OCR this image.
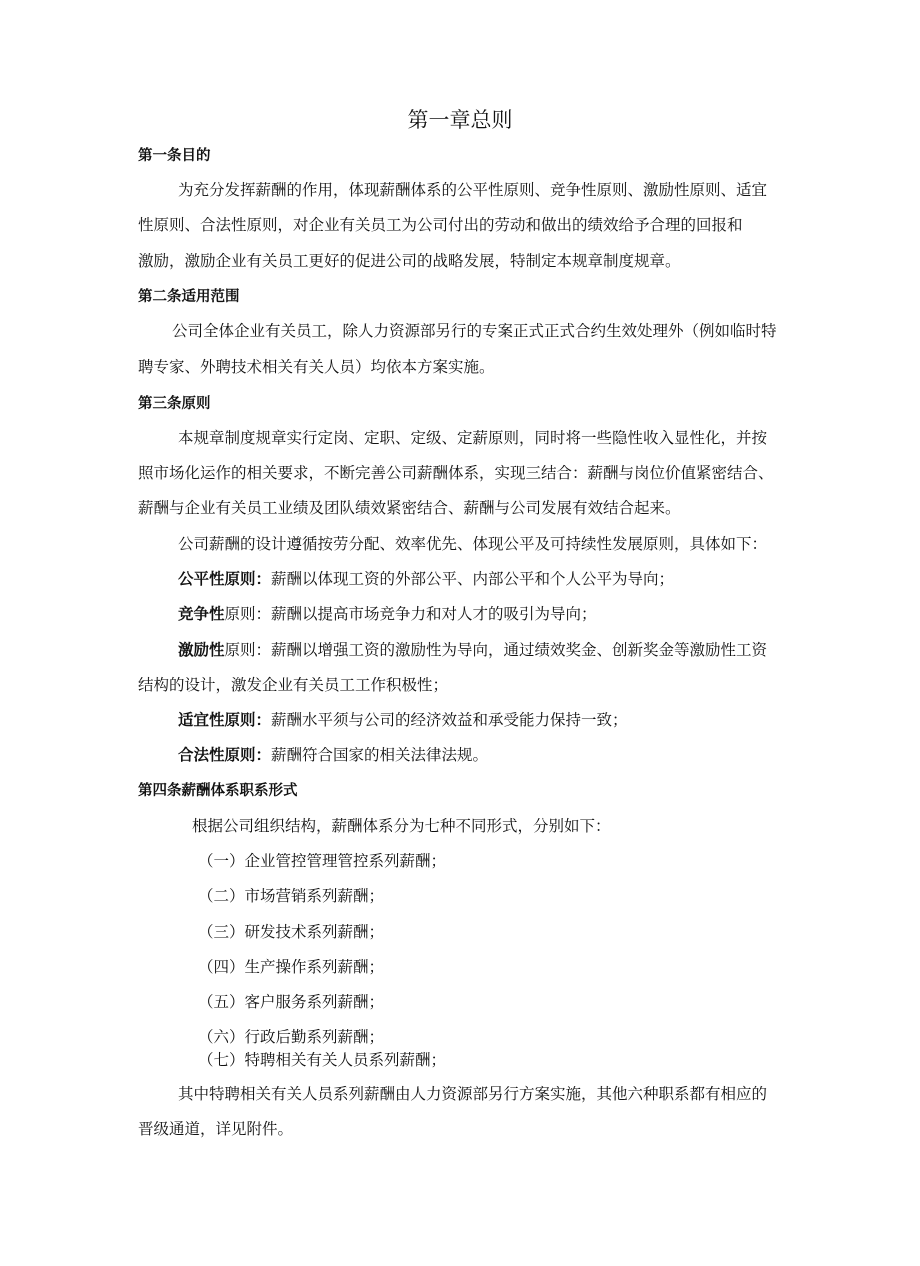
第一章总则
第一条目的
为充分发挥薪酬的作用，体现薪酬体系的公平性原则、竞争性原则、激励性原则、适宜
性原则、合法性原则，对企业有关员工为公司付出的劳动和做出的绩效给予合理的回报和
激励，激励企业有关员工更好的促进公司的战略发展，特制定本规章制度规章。
第二条适用范围
公司全体企业有关员工，除人力资源部另行的专案正式正式合约生效处理外（例如临时特
聘专家、外聘技术相关有关人员）均依本方案实施。
第三条原则
本规章制度规章实行定岗、定职、定级、定薪原则，同时将一些隐性收入显性化，并按
照市场化运作的相关要求，不断完善公司薪酬体系，实现三结合：薪酬与岗位价值紧密结合、
薪酬与企业有关员工业绩及团队绩效紧密结合、薪酬与公司发展有效结合起来。
公司薪酬的设计遵循按劳分配、效率优先、体现公平及可持续性发展原则，具体如下：
公平性原则：薪酬以体现工资的外部公平、内部公平和个人公平为导向；
竞争性原则：薪酬以提高市场竞争力和对人才的吸引为导向；
激励性原则：薪酬以增强工资的激励性为导向，通过绩效奖金、创新奖金等激励性工资
结构的设计，激发企业有关员工工作积极性；
适宜性原则：薪酬水平须与公司的经济效益和承受能力保持一致；
合法性原则：薪酬符合国家的相关法律法规。
第四条薪酬体系职系形式
根据公司组织结构，薪酬体系分为七种不同形式，分别如下：
（一）企业管控管理管控系列薪酬；
（二）市场营销系列薪酬；
（三）研发技术系列薪酬；
（四）生产操作系列薪酬；
（五）客户服务系列薪酬；
（六）行政后勤系列薪酬；
（七）特聘相关有关人员系列薪酬；
其中特聘相关有关人员系列薪酬由人力资源部另行方案实施，其他六种职系都有相应的
晋级通道，详见附件。
